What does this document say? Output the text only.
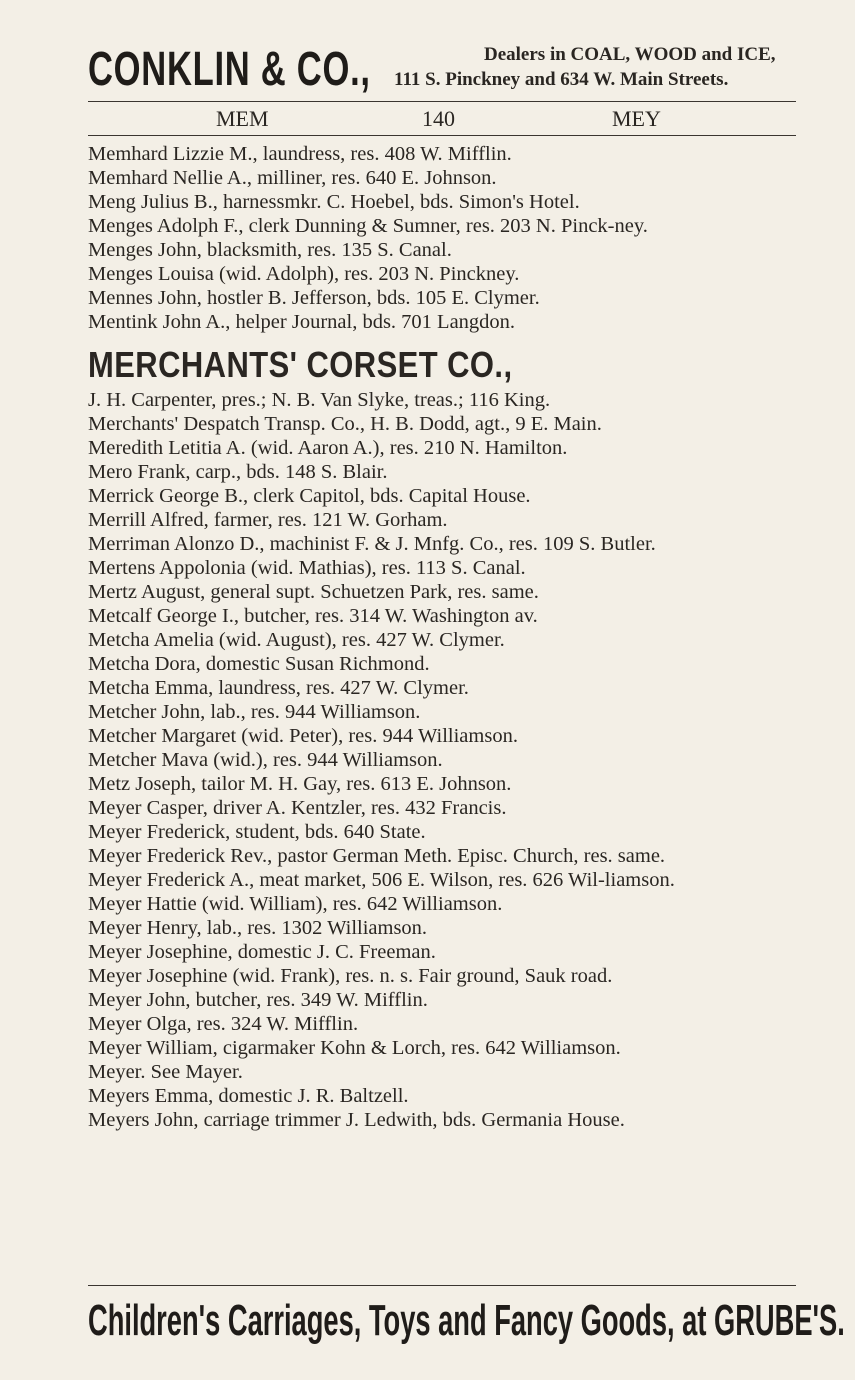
CONKLIN & CO.,	Dealers in COAL, WOOD and ICE,
111 S. Pinckney and 634 W. Main Streets.
MEM	140	MEY
Memhard Lizzie M., laundress, res. 408 W. Mifflin.
Memhard Nellie A., milliner, res. 640 E. Johnson.
Meng Julius B., harnessmkr. C. Hoebel, bds. Simon's Hotel.
Menges Adolph F., clerk Dunning & Sumner, res. 203 N. Pinck-ney.
Menges John, blacksmith, res. 135 S. Canal.
Menges Louisa (wid. Adolph), res. 203 N. Pinckney.
Mennes John, hostler B. Jefferson, bds. 105 E. Clymer.
Mentink John A., helper Journal, bds. 701 Langdon.
MERCHANTS' CORSET CO.,
J. H. Carpenter, pres.; N. B. Van Slyke, treas.; 116 King.
Merchants' Despatch Transp. Co., H. B. Dodd, agt., 9 E. Main.
Meredith Letitia A. (wid. Aaron A.), res. 210 N. Hamilton.
Mero Frank, carp., bds. 148 S. Blair.
Merrick George B., clerk Capitol, bds. Capital House.
Merrill Alfred, farmer, res. 121 W. Gorham.
Merriman Alonzo D., machinist F. & J. Mnfg. Co., res. 109 S. Butler.
Mertens Appolonia (wid. Mathias), res. 113 S. Canal.
Mertz August, general supt. Schuetzen Park, res. same.
Metcalf George I., butcher, res. 314 W. Washington av.
Metcha Amelia (wid. August), res. 427 W. Clymer.
Metcha Dora, domestic Susan Richmond.
Metcha Emma, laundress, res. 427 W. Clymer.
Metcher John, lab., res. 944 Williamson.
Metcher Margaret (wid. Peter), res. 944 Williamson.
Metcher Mava (wid.), res. 944 Williamson.
Metz Joseph, tailor M. H. Gay, res. 613 E. Johnson.
Meyer Casper, driver A. Kentzler, res. 432 Francis.
Meyer Frederick, student, bds. 640 State.
Meyer Frederick Rev., pastor German Meth. Episc. Church, res. same.
Meyer Frederick A., meat market, 506 E. Wilson, res. 626 Wil-liamson.
Meyer Hattie (wid. William), res. 642 Williamson.
Meyer Henry, lab., res. 1302 Williamson.
Meyer Josephine, domestic J. C. Freeman.
Meyer Josephine (wid. Frank), res. n. s. Fair ground, Sauk road.
Meyer John, butcher, res. 349 W. Mifflin.
Meyer Olga, res. 324 W. Mifflin.
Meyer William, cigarmaker Kohn & Lorch, res. 642 Williamson.
Meyer. See Mayer.
Meyers Emma, domestic J. R. Baltzell.
Meyers John, carriage trimmer J. Ledwith, bds. Germania House.
Children's Carriages, Toys and Fancy Goods, at GRUBE'S.
